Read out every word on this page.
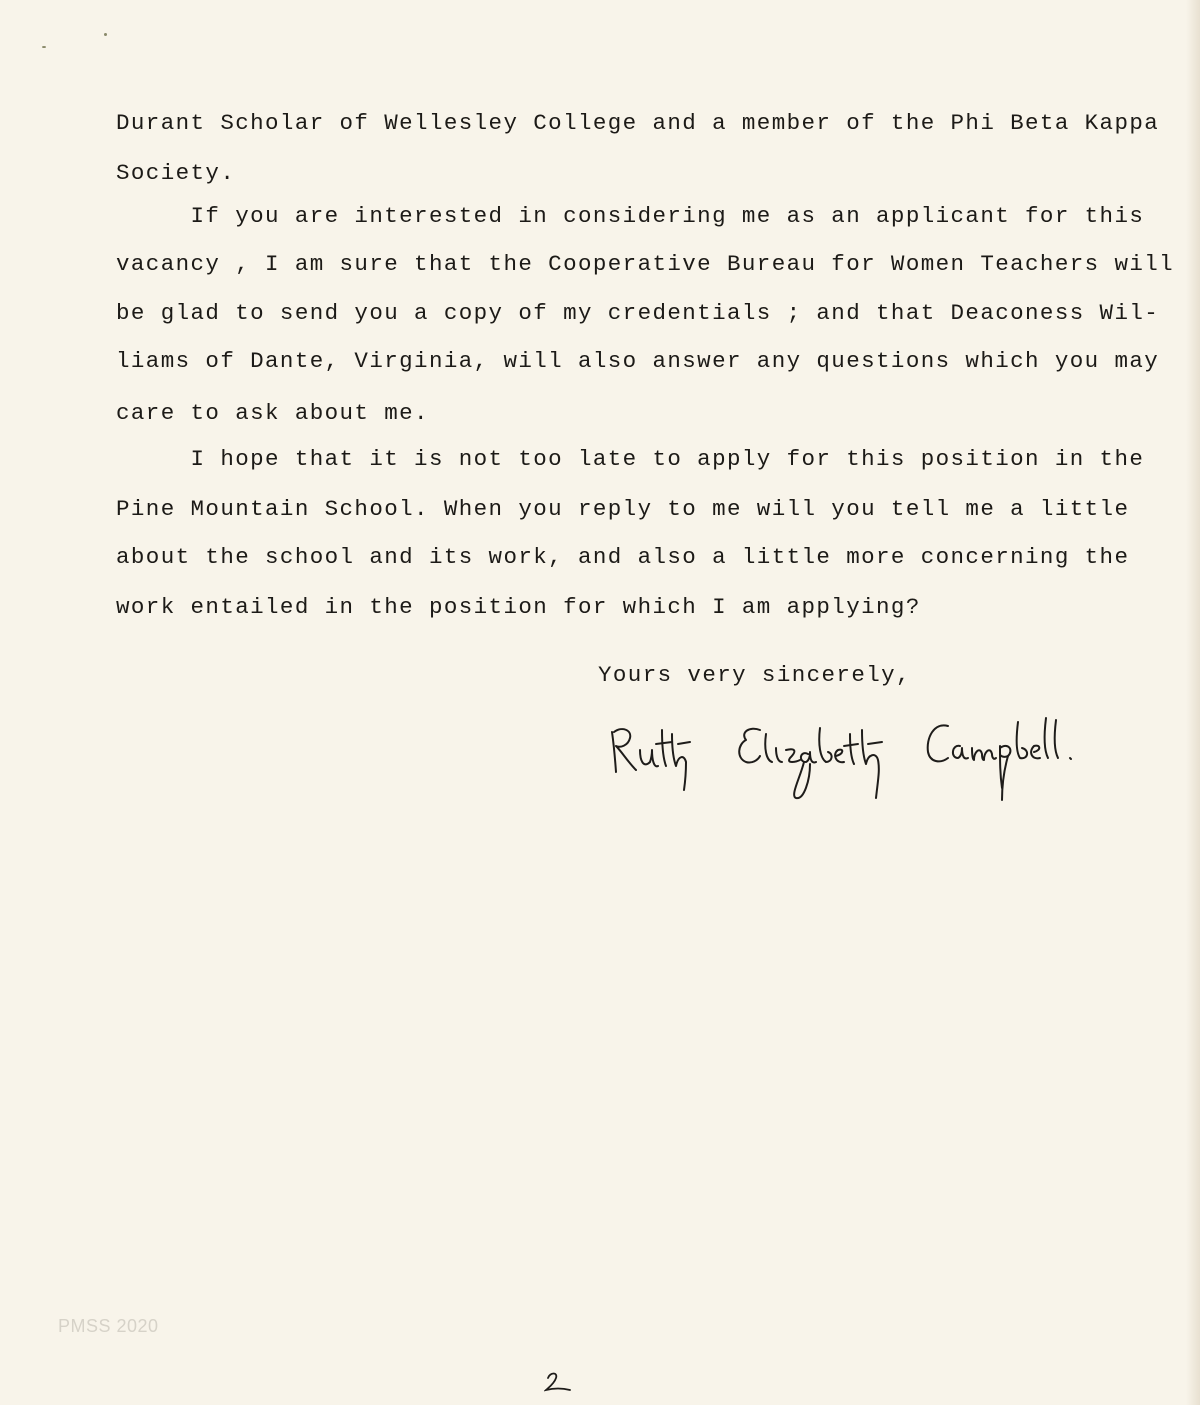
Durant Scholar of Wellesley College and a member of the Phi Beta Kappa
Society.
If you are interested in considering me as an applicant for this
vacancy , I am sure that the Cooperative Bureau for Women Teachers will
be glad to send you a copy of my credentials ; and that Deaconess Wil-
liams of Dante, Virginia, will also answer any questions which you may
care to ask about me.
I hope that it is not too late to apply for this position in the
Pine Mountain School. When you reply to me will you tell me a little
about the school and its work, and also a little more concerning the
work entailed in the position for which I am applying?
Yours very sincerely,
PMSS 2020
